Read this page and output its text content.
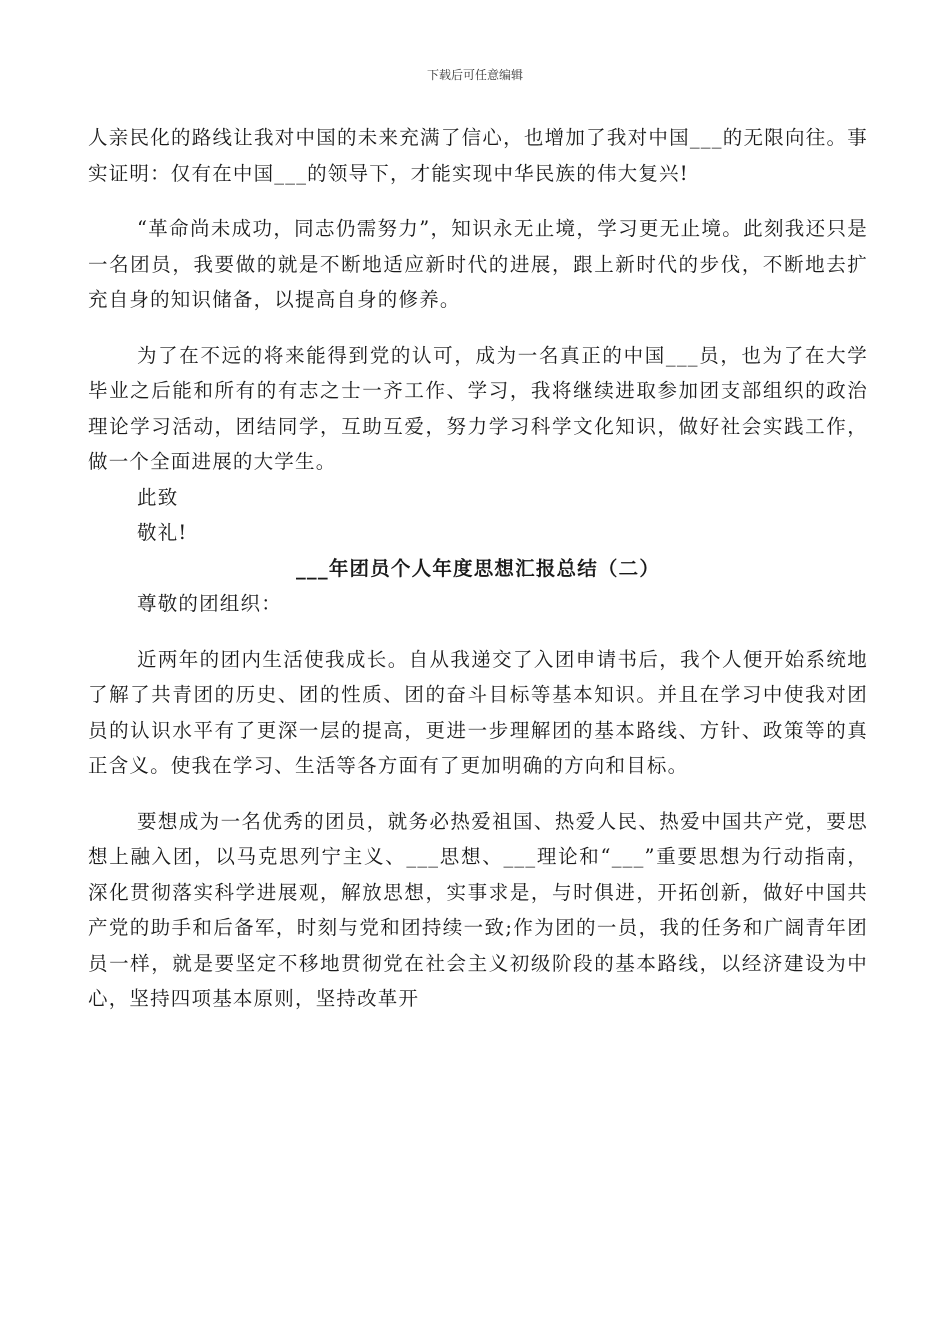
下载后可任意编辑

人亲民化的路线让我对中国的未来充满了信心，也增加了我对中国___的无限向往。事实证明：仅有在中国___的领导下，才能实现中华民族的伟大复兴!

“革命尚未成功，同志仍需努力”，知识永无止境，学习更无止境。此刻我还只是一名团员，我要做的就是不断地适应新时代的进展，跟上新时代的步伐，不断地去扩充自身的知识储备，以提高自身的修养。

为了在不远的将来能得到党的认可，成为一名真正的中国___员，也为了在大学毕业之后能和所有的有志之士一齐工作、学习，我将继续进取参加团支部组织的政治理论学习活动，团结同学，互助互爱，努力学习科学文化知识，做好社会实践工作，做一个全面进展的大学生。

此致

敬礼!

___年团员个人年度思想汇报总结（二）

尊敬的团组织：

近两年的团内生活使我成长。自从我递交了入团申请书后，我个人便开始系统地了解了共青团的历史、团的性质、团的奋斗目标等基本知识。并且在学习中使我对团员的认识水平有了更深一层的提高，更进一步理解团的基本路线、方针、政策等的真正含义。使我在学习、生活等各方面有了更加明确的方向和目标。

要想成为一名优秀的团员，就务必热爱祖国、热爱人民、热爱中国共产党，要思想上融入团，以马克思列宁主义、___思想、___理论和“___”重要思想为行动指南，深化贯彻落实科学进展观，解放思想，实事求是，与时俱进，开拓创新，做好中国共产党的助手和后备军，时刻与党和团持续一致;作为团的一员，我的任务和广阔青年团员一样，就是要坚定不移地贯彻党在社会主义初级阶段的基本路线，以经济建设为中心，坚持四项基本原则，坚持改革开
